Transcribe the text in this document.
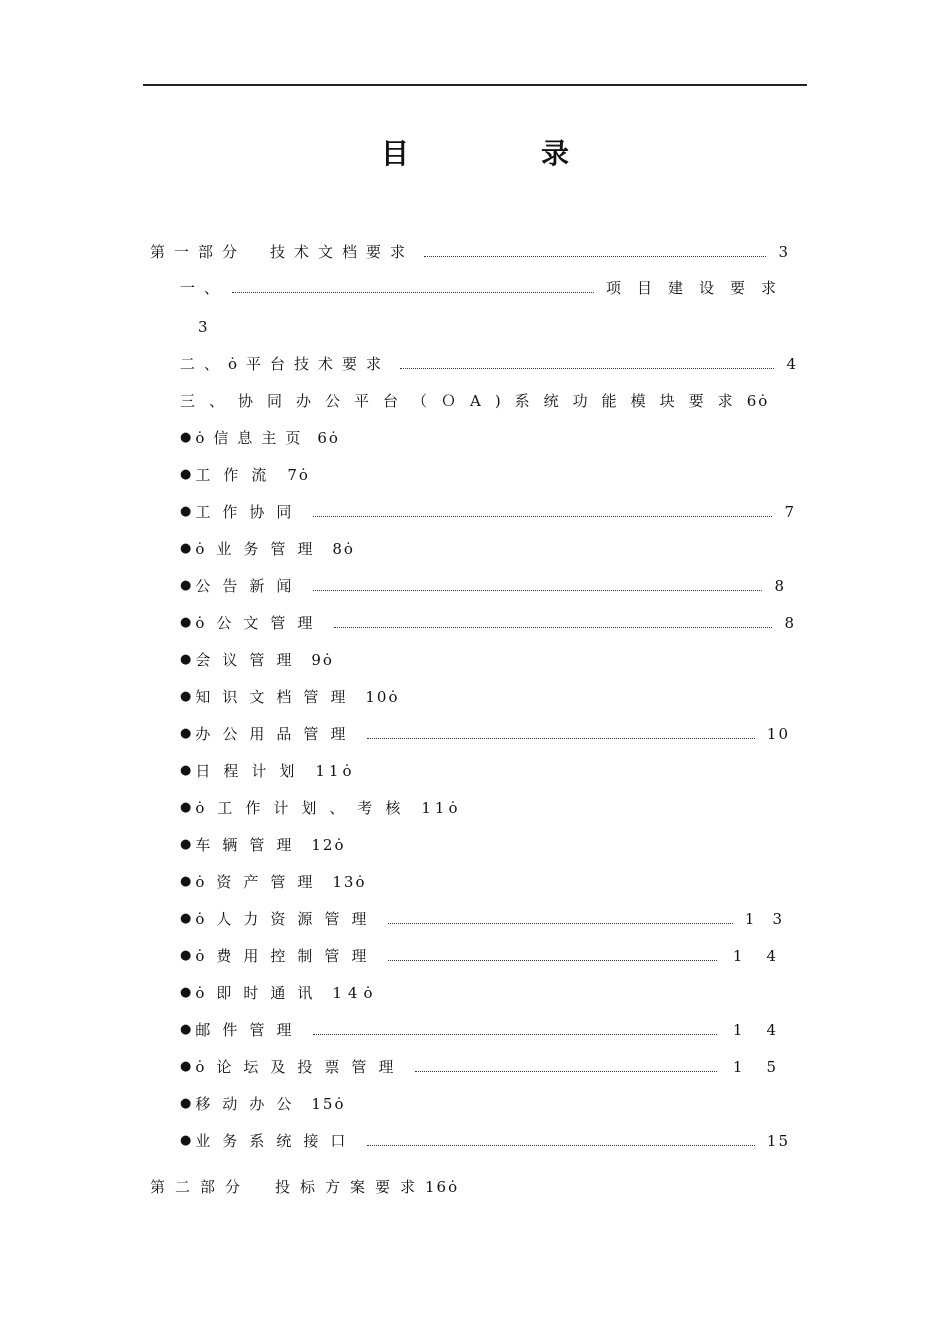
目　录
第一部分　技术文档要求	3
一、	项目建设要求
3
二、ȯ平台技术要求	4
三、协同办公平台（ＯA)系统功能模块要求 6ȯ
● ȯ信息主页 6ȯ
● 工作流 7ȯ
● 工作协同	7
● ȯ业务管理 8ȯ
● 公告新闻	8
● ȯ公文管理	8
● 会议管理 9ȯ
● 知识文档管理 10ȯ
● 办公用品管理	10
● 日程计划 11ȯ
● ȯ工作计划、考核 11ȯ
● 车辆管理 12ȯ
● ȯ资产管理 13ȯ
● ȯ人力资源管理	13
● ȯ费用控制管理	14
● ȯ即时通讯 14ȯ
● 邮件管理	14
● ȯ论坛及投票管理	15
● 移动办公 15ȯ
● 业务系统接口	15
第二部分　投标方案要求 16ȯ
